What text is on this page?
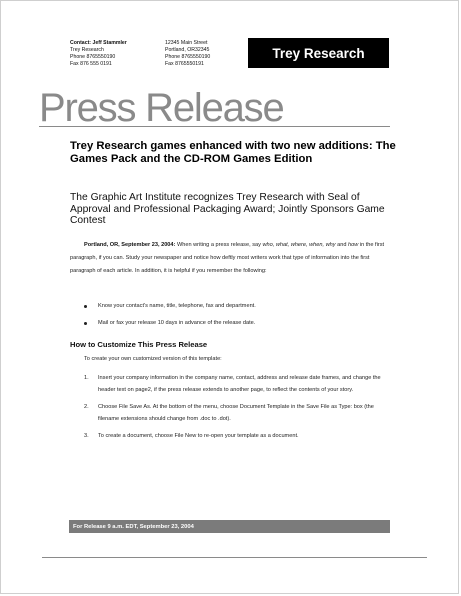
Contact: Jeff Stammler
Trey Research
Phone 8765550190
Fax 876 555 0191
12345 Main Street
Portland, OR32345
Phone 8765550190
Fax 8765550191
Trey Research
Press Release
Trey Research games enhanced with two new additions: The Games Pack and the CD-ROM Games Edition
The Graphic Art Institute recognizes Trey Research with Seal of Approval and Professional Packaging Award; Jointly Sponsors Game Contest
Portland, OR, September 23, 2004: When writing a press release, say who, what, where, when, why and how in the first paragraph, if you can. Study your newspaper and notice how deftly most writers work that type of information into the first paragraph of each article. In addition, it is helpful if you remember the following:
Know your contact's name, title, telephone, fax and department.
Mail or fax your release 10 days in advance of the release date.
How to Customize This Press Release
To create your own customized version of this template:
1. Insert your company information in the company name, contact, address and release date frames, and change the header text on page2, if the press release extends to another page, to reflect the contents of your story.
2. Choose File Save As. At the bottom of the menu, choose Document Template in the Save File as Type: box (the filename extensions should change from .doc to .dot).
3. To create a document, choose File New to re-open your template as a document.
For Release 9 a.m. EDT, September 23, 2004
